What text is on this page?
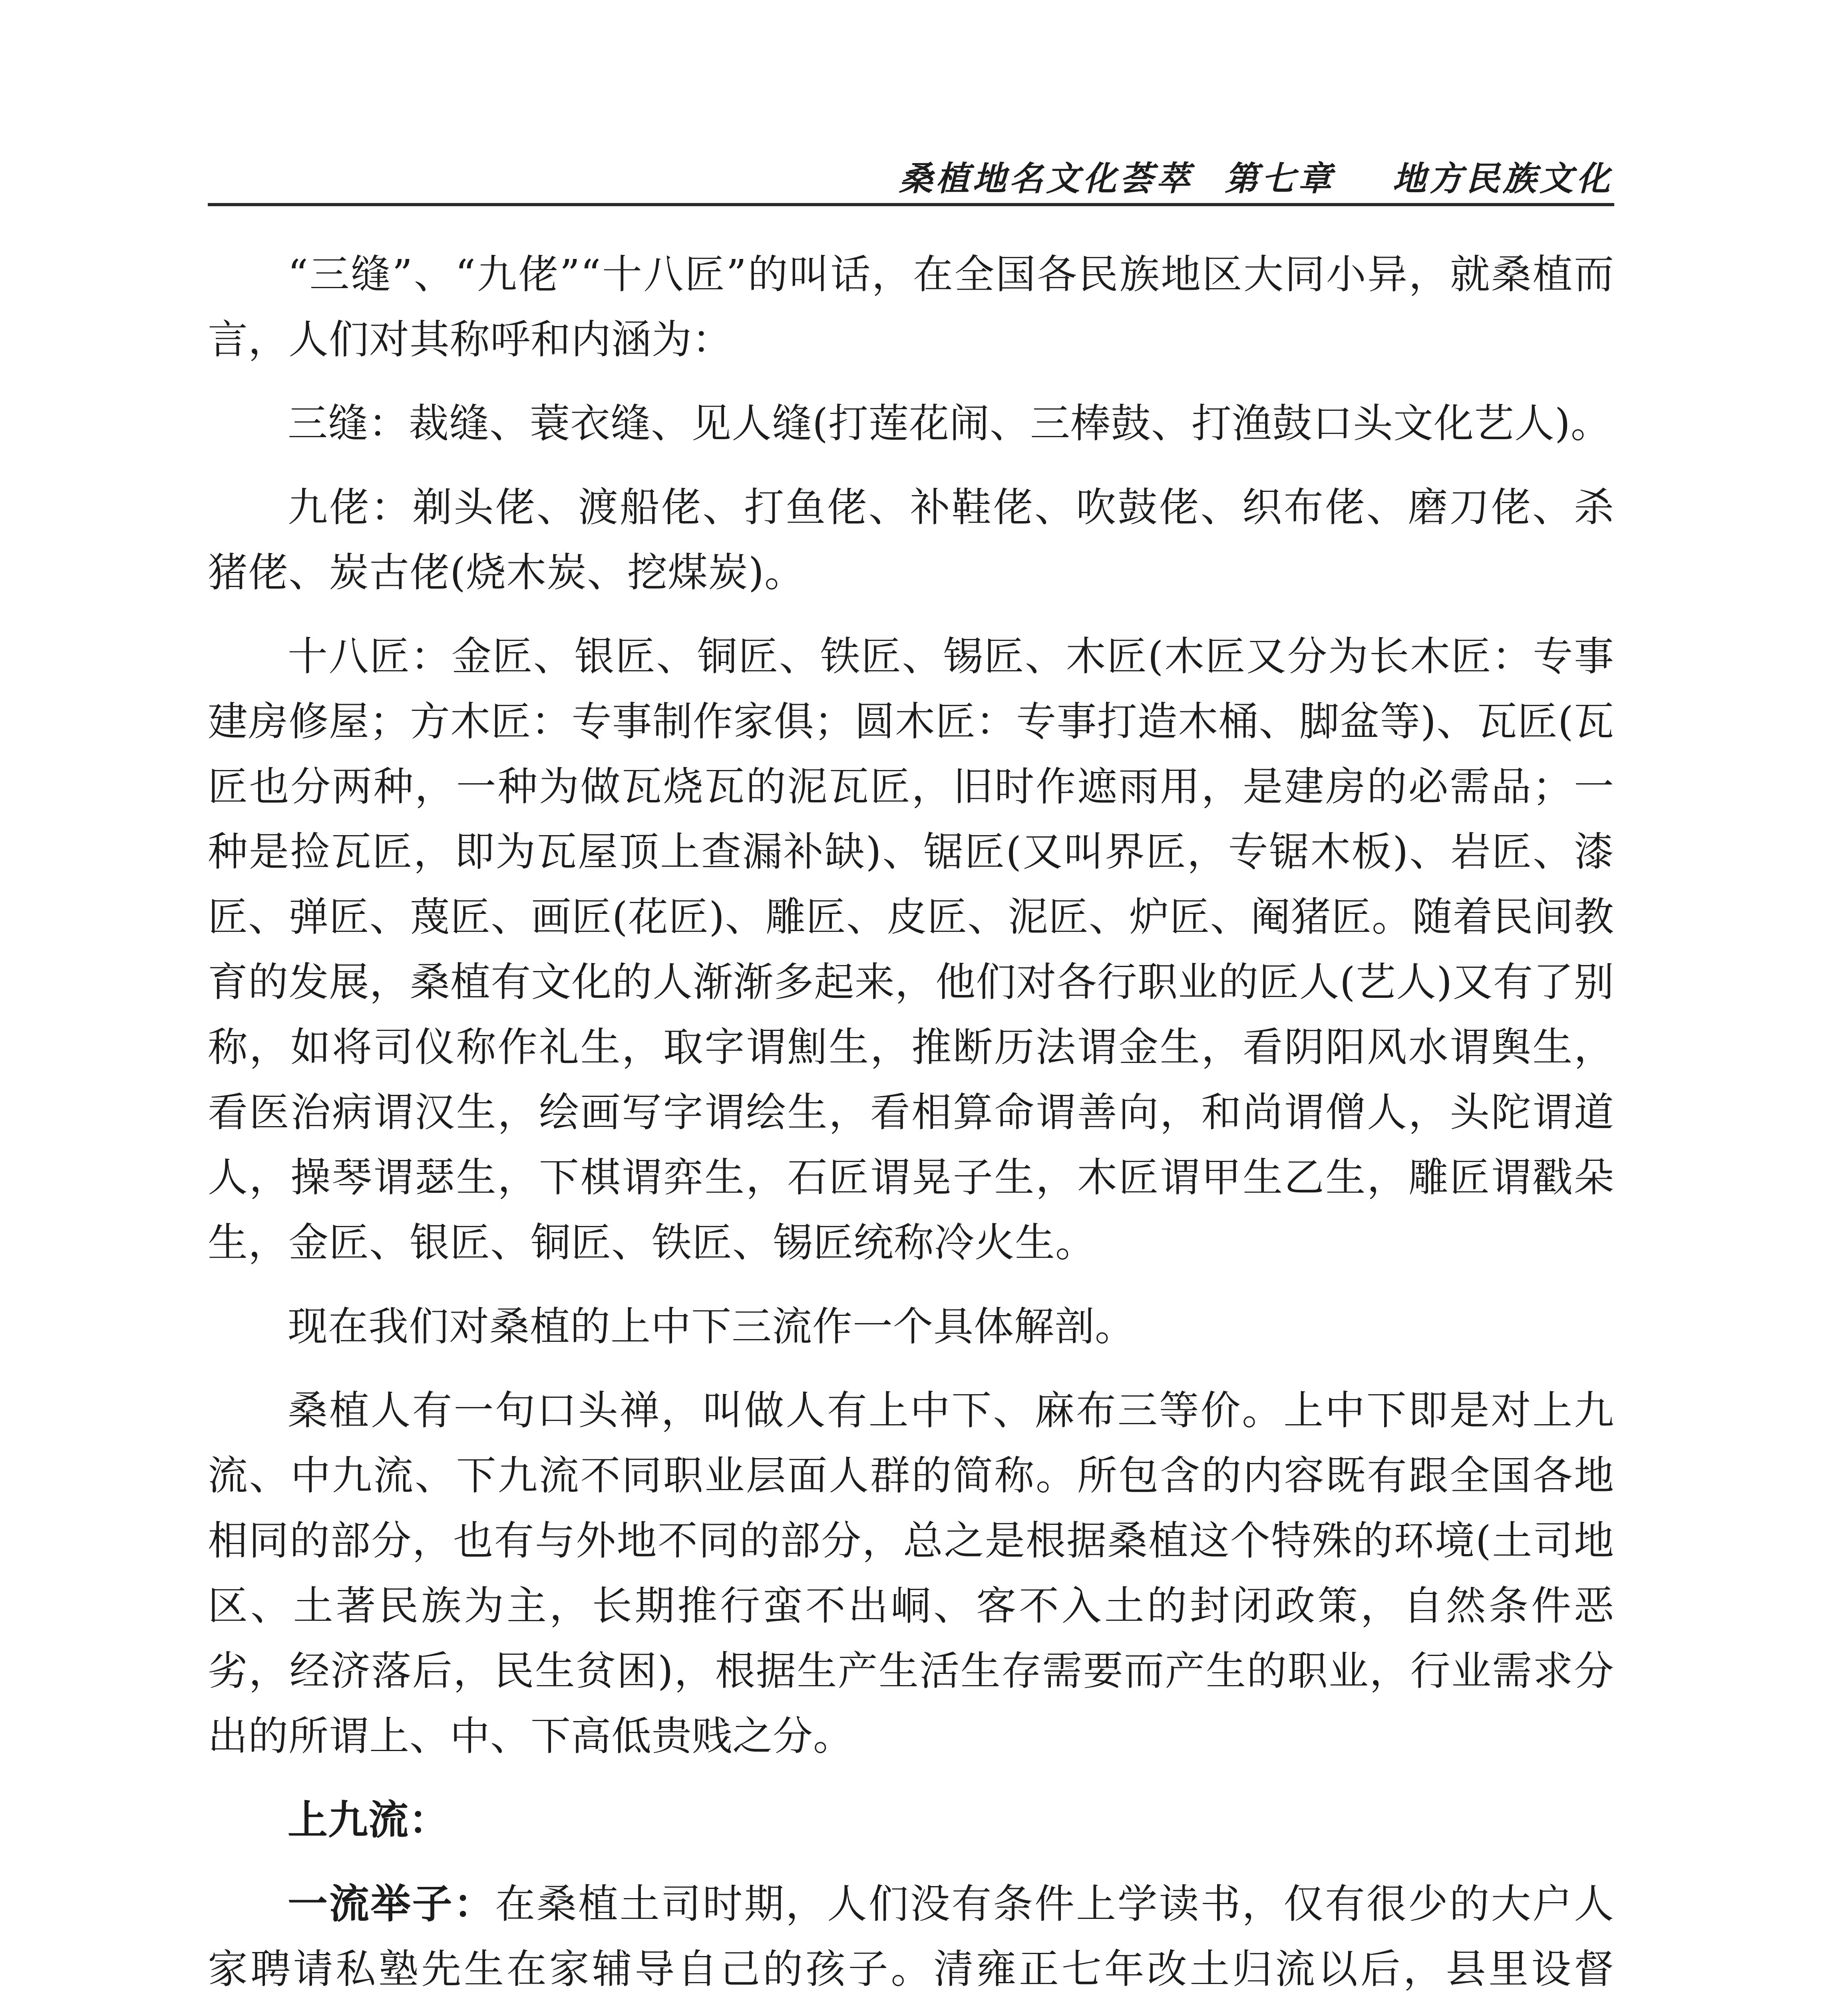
桑植地名文化荟萃 第七章 地方民族文化

“三缝”、“九佬”“十八匠”的叫话，在全国各民族地区大同小异，就桑植而言，人们对其称呼和内涵为：

三缝：裁缝、蓑衣缝、见人缝(打莲花闹、三棒鼓、打渔鼓口头文化艺人)。

九佬：剃头佬、渡船佬、打鱼佬、补鞋佬、吹鼓佬、织布佬、磨刀佬、杀猪佬、炭古佬(烧木炭、挖煤炭)。

十八匠：金匠、银匠、铜匠、铁匠、锡匠、木匠(木匠又分为长木匠：专事建房修屋；方木匠：专事制作家俱；圆木匠：专事打造木桶、脚盆等)、瓦匠(瓦匠也分两种，一种为做瓦烧瓦的泥瓦匠，旧时作遮雨用，是建房的必需品；一种是捡瓦匠，即为瓦屋顶上查漏补缺)、锯匠(又叫界匠，专锯木板)、岩匠、漆匠、弹匠、蔑匠、画匠(花匠)、雕匠、皮匠、泥匠、炉匠、阉猪匠。随着民间教育的发展，桑植有文化的人渐渐多起来，他们对各行职业的匠人(艺人)又有了别称，如将司仪称作礼生，取字谓劁生，推断历法谓金生，看阴阳风水谓舆生，看医治病谓汉生，绘画写字谓绘生，看相算命谓善向，和尚谓僧人，头陀谓道人，操琴谓瑟生，下棋谓弈生，石匠谓晃子生，木匠谓甲生乙生，雕匠谓戳朵生，金匠、银匠、铜匠、铁匠、锡匠统称冷火生。

现在我们对桑植的上中下三流作一个具体解剖。

桑植人有一句口头禅，叫做人有上中下、麻布三等价。上中下即是对上九流、中九流、下九流不同职业层面人群的简称。所包含的内容既有跟全国各地相同的部分，也有与外地不同的部分，总之是根据桑植这个特殊的环境(土司地区、土著民族为主，长期推行蛮不出峒、客不入土的封闭政策，自然条件恶劣，经济落后，民生贫困)，根据生产生活生存需要而产生的职业，行业需求分出的所谓上、中、下高低贵贱之分。

上九流：

一流举子：在桑植土司时期，人们没有条件上学读书，仅有很少的大户人家聘请私塾先生在家辅导自己的孩子。清雍正七年改土归流以后，县里设督
